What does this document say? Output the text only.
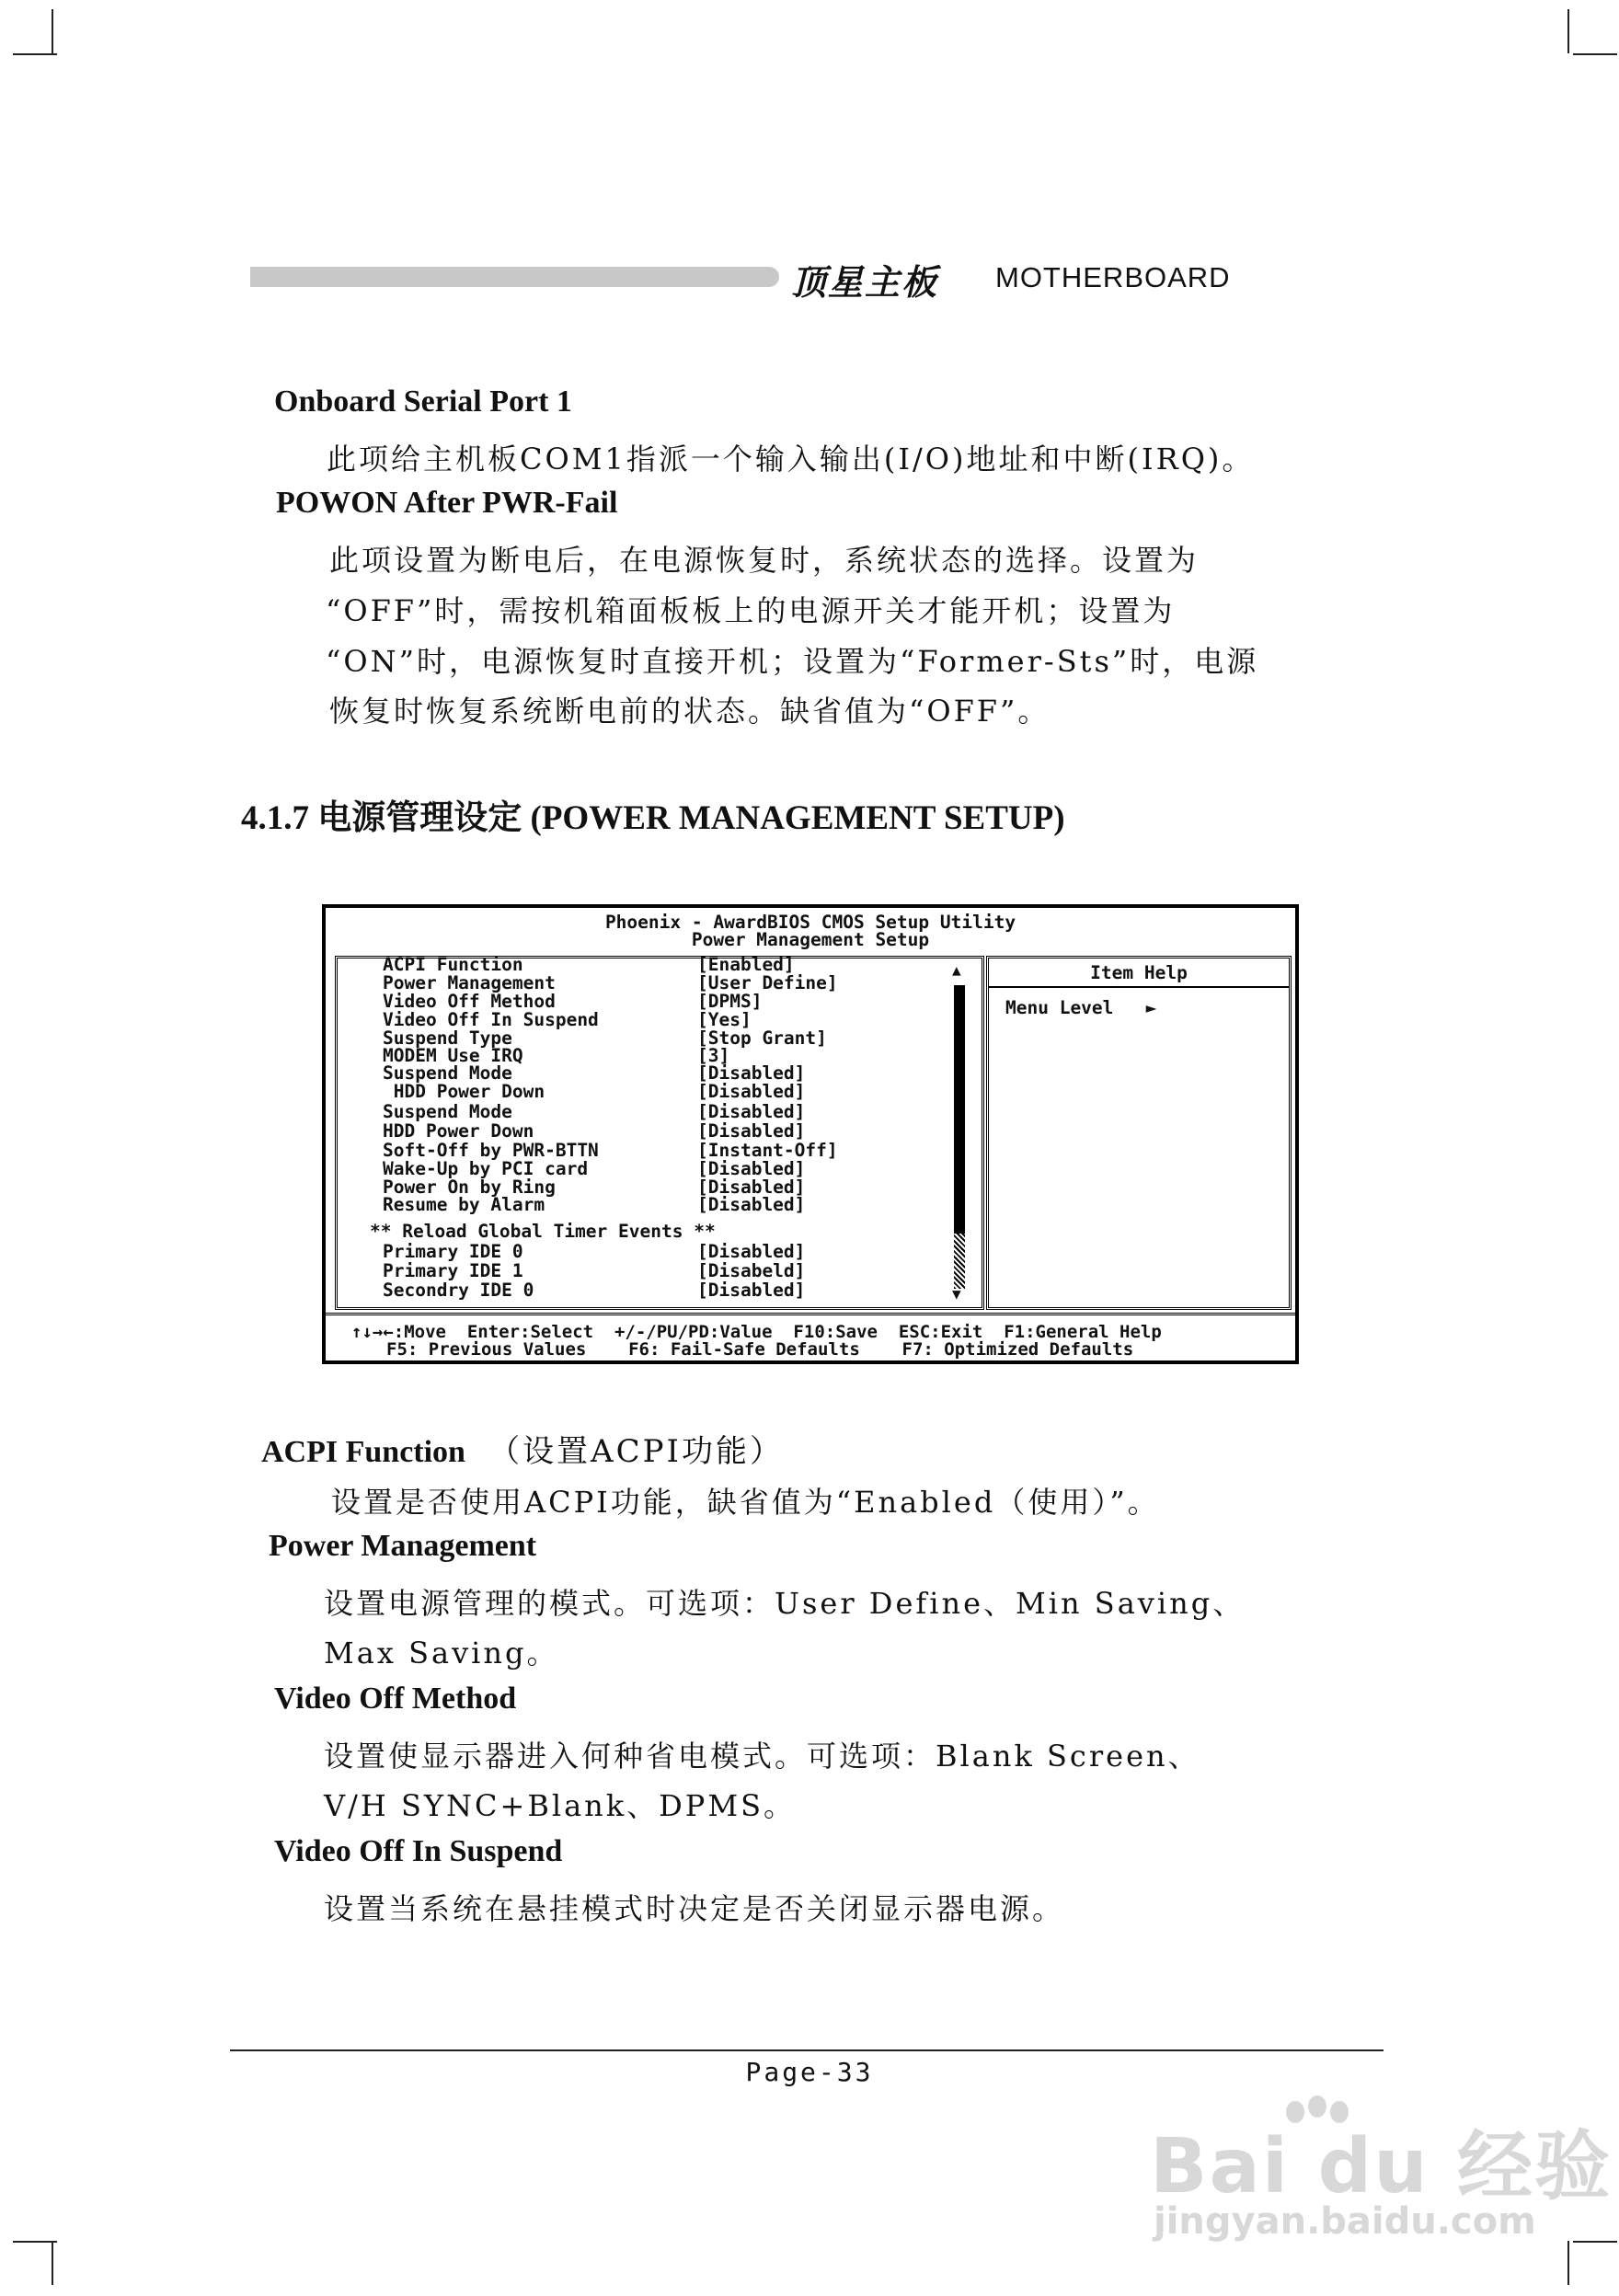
顶星主板 MOTHERBOARD
Onboard Serial Port 1
此项给主机板COM1指派一个输入输出(I/O)地址和中断(IRQ)。
POWON After PWR-Fail
此项设置为断电后，在电源恢复时，系统状态的选择。设置为
“OFF”时，需按机箱面板板上的电源开关才能开机；设置为
“ON”时，电源恢复时直接开机；设置为“Former-Sts”时，电源
恢复时恢复系统断电前的状态。缺省值为“OFF”。
4.1.7 电源管理设定 (POWER MANAGEMENT SETUP)
Phoenix - AwardBIOS CMOS Setup Utility
Power Management Setup
Item Help
Menu Level   ►
ACPI Function	[Enabled]
Power Management	[User Define]
Video Off Method	[DPMS]
Video Off In Suspend	[Yes]
Suspend Type	[Stop Grant]
MODEM Use IRQ	[3]
Suspend Mode	[Disabled]
HDD Power Down	[Disabled]
Suspend Mode	[Disabled]
HDD Power Down	[Disabled]
Soft-Off by PWR-BTTN	[Instant-Off]
Wake-Up by PCI card	[Disabled]
Power On by Ring	[Disabled]
Resume by Alarm	[Disabled]
** Reload Global Timer Events **
Primary IDE 0	[Disabled]
Primary IDE 1	[Disabeld]
Secondry IDE 0	[Disabled]
▲
▼
↑↓→←:Move  Enter:Select  +/-/PU/PD:Value  F10:Save  ESC:Exit  F1:General Help
F5: Previous Values    F6: Fail-Safe Defaults    F7: Optimized Defaults
ACPI Function （设置ACPI功能）
设置是否使用ACPI功能，缺省值为“Enabled（使用）”。
Power Management
设置电源管理的模式。可选项：User Define、Min Saving、
Max Saving。
Video Off Method
设置使显示器进入何种省电模式。可选项：Blank Screen、
V/H SYNC+Blank、DPMS。
Video Off In Suspend
设置当系统在悬挂模式时决定是否关闭显示器电源。
Page-33
Bai du 经验
jingyan.baidu.com
